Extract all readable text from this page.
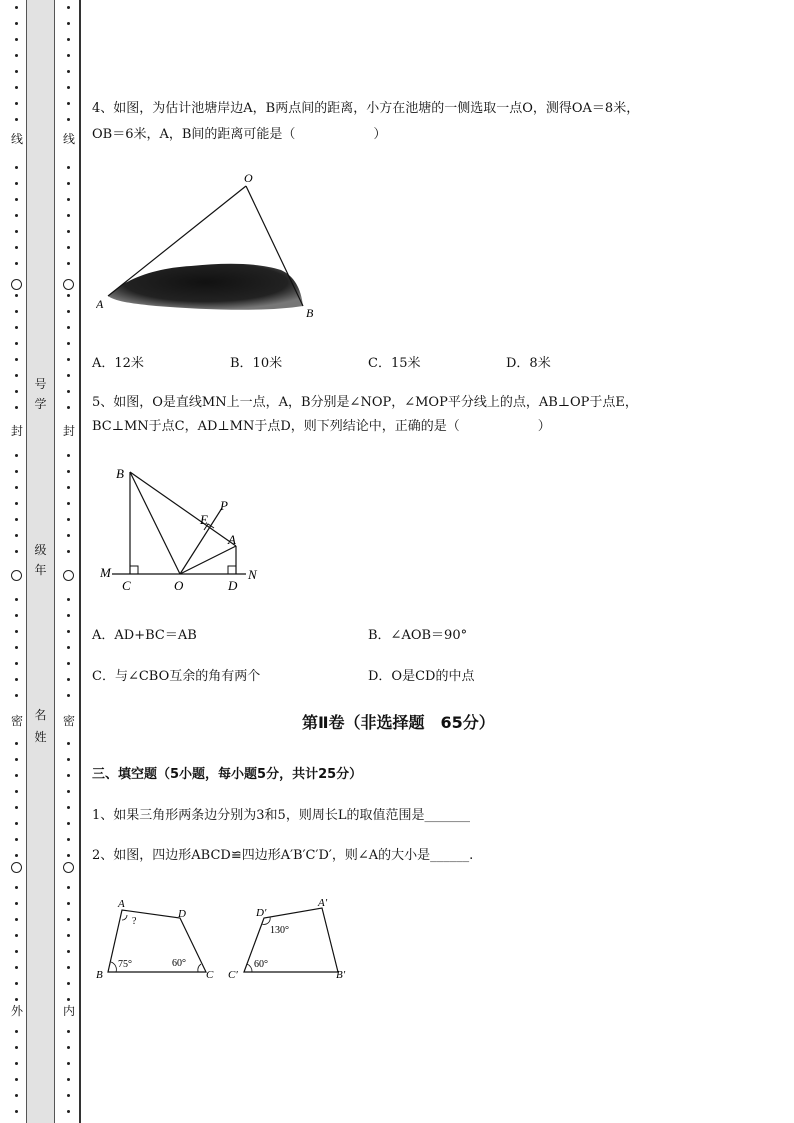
线
封
密
外
号
学
级
年
名
姓
线
封
密
内
4、如图，为估计池塘岸边A，B两点间的距离，小方在池塘的一侧选取一点O，测得OA＝8米，
OB＝6米，A，B间的距离可能是（　　　　　　）
O
A
B
A．12米	B．10米	C．15米	D．8米
5、如图，O是直线MN上一点，A，B分别是∠NOP，∠MOP平分线上的点，AB⊥OP于点E，
BC⊥MN于点C，AD⊥MN于点D，则下列结论中，正确的是（　　　　　　）
B
P
E
A
M
C	O	D
N
A．AD+BC＝AB	B．∠AOB＝90°
C．与∠CBO互余的角有两个	D．O是CD的中点
第Ⅱ卷（非选择题　65分）
三、填空题（5小题，每小题5分，共计25分）
1、如果三角形两条边分别为3和5，则周长L的取值范围是_______
2、如图，四边形ABCD≌四边形A′B′C′D′，则∠A的大小是______.
A
D
B	C
?
75°	60°
D′
A′
C′	B′
130°
60°
